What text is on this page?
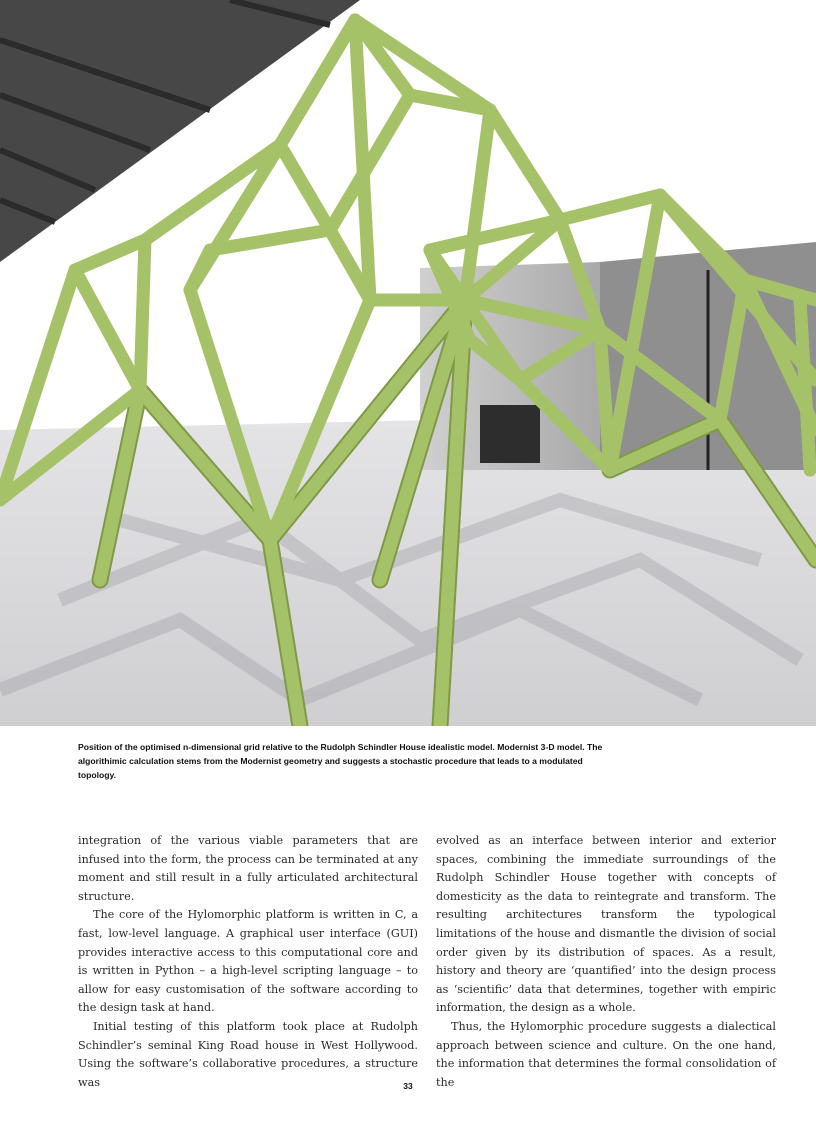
Position of the optimised n-dimensional grid relative to the Rudolph Schindler House idealistic model. Modernist 3-D model. The algorithimic calculation stems from the Modernist geometry and suggests a stochastic procedure that leads to a modulated topology.

integration of the various viable parameters that are infused into the form, the process can be terminated at any moment and still result in a fully articulated architectural structure.

The core of the Hylomorphic platform is written in C, a fast, low-level language. A graphical user interface (GUI) provides interactive access to this computational core and is written in Python – a high-level scripting language – to allow for easy customisation of the software according to the design task at hand.

Initial testing of this platform took place at Rudolph Schindler’s seminal King Road house in West Hollywood. Using the software’s collaborative procedures, a structure was

evolved as an interface between interior and exterior spaces, combining the immediate surroundings of the Rudolph Schindler House together with concepts of domesticity as the data to reintegrate and transform. The resulting architectures transform the typological limitations of the house and dismantle the division of social order given by its distribution of spaces. As a result, history and theory are ‘quantified’ into the design process as ‘scientific’ data that determines, together with empiric information, the design as a whole.

Thus, the Hylomorphic procedure suggests a dialectical approach between science and culture. On the one hand, the information that determines the formal consolidation of the

33
